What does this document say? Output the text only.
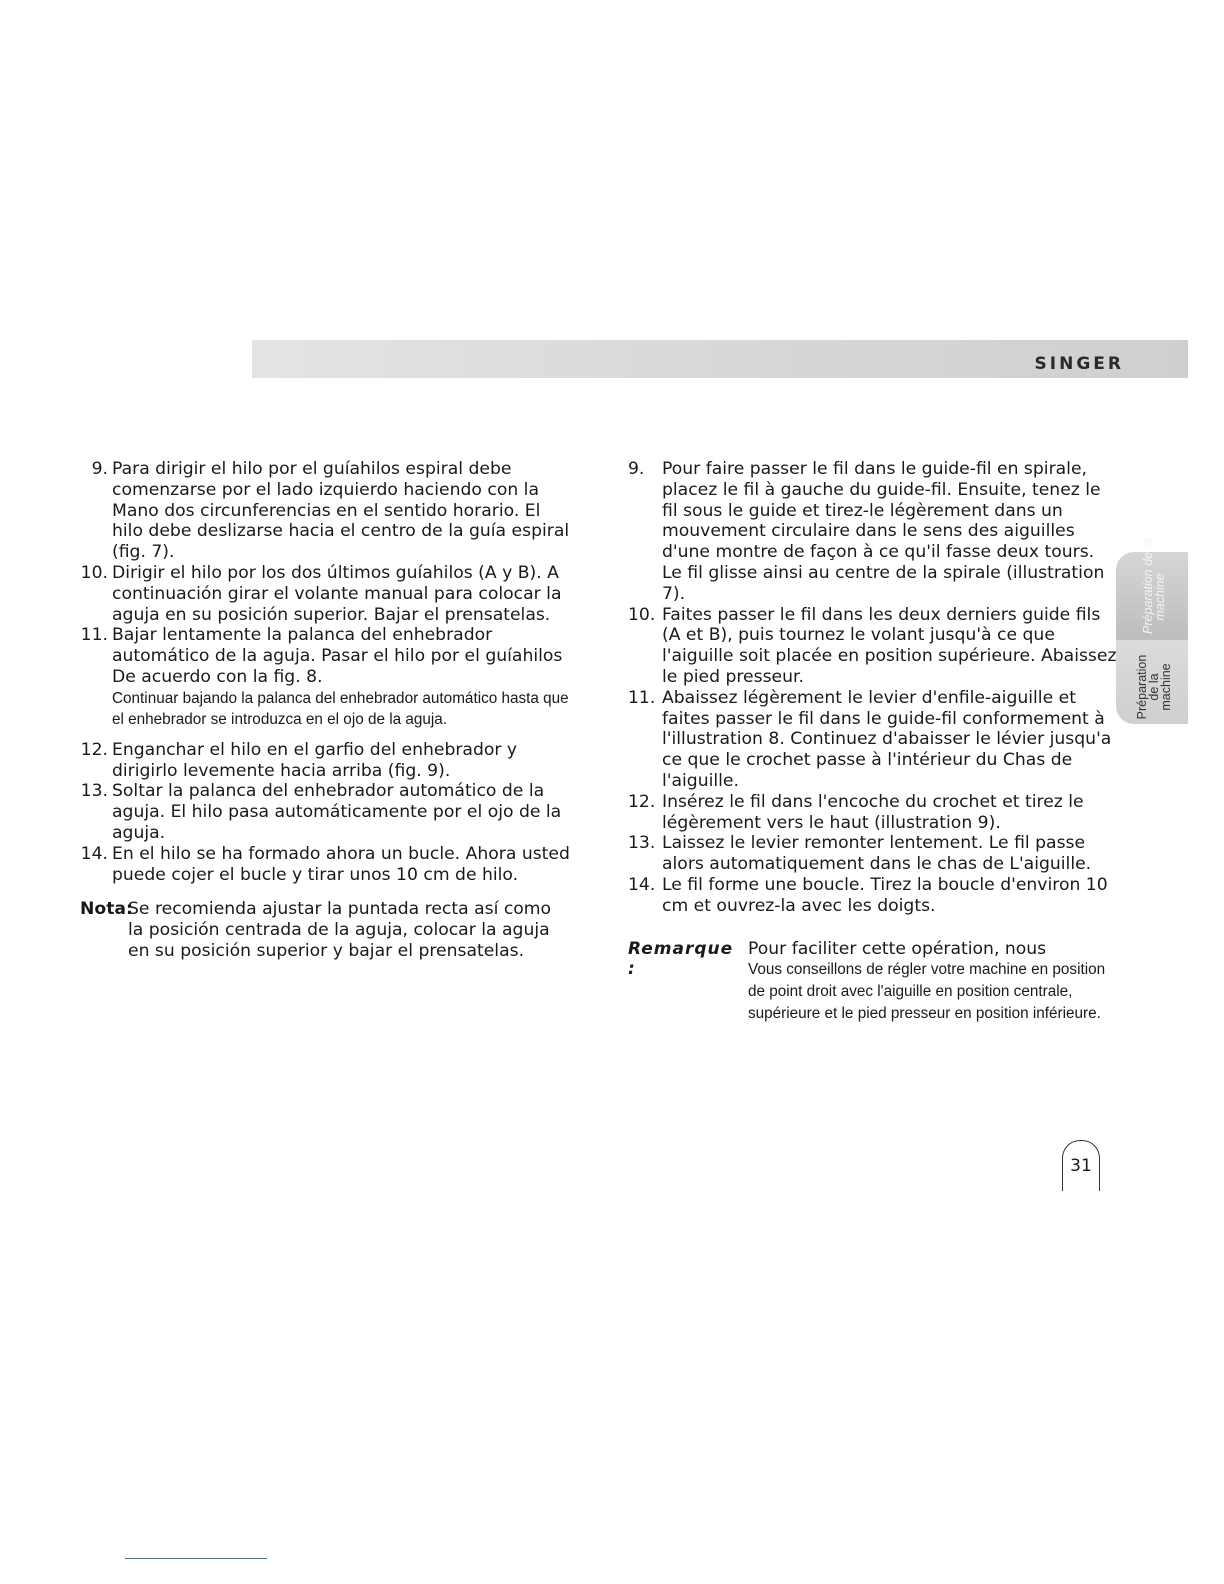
SINGER
9. Para dirigir el hilo por el guíahilos espiral debe comenzarse por el lado izquierdo haciendo con la Mano dos circunferencias en el sentido horario. El hilo debe deslizarse hacia el centro de la guía espiral (fig. 7).
10. Dirigir el hilo por los dos últimos guíahilos (A y B). A continuación girar el volante manual para colocar la aguja en su posición superior. Bajar el prensatelas.
11. Bajar lentamente la palanca del enhebrador automático de la aguja. Pasar el hilo por el guíahilos De acuerdo con la fig. 8.
Continuar bajando la palanca del enhebrador automático hasta que el enhebrador se introduzca en el ojo de la aguja.
12. Enganchar el hilo en el garfio del enhebrador y dirigirlo levemente hacia arriba (fig. 9).
13. Soltar la palanca del enhebrador automático de la aguja. El hilo pasa automáticamente por el ojo de la aguja.
14. En el hilo se ha formado ahora un bucle. Ahora usted puede cojer el bucle y tirar unos 10 cm de hilo.
Nota:
Se recomienda ajustar la puntada recta así como la posición centrada de la aguja, colocar la aguja en su posición superior y bajar el prensatelas.
9.	Pour faire passer le fil dans le guide-fil en spirale, placez le fil à gauche du guide-fil. Ensuite, tenez le fil sous le guide et tirez-le légèrement dans un mouvement circulaire dans le sens des aiguilles d'une montre de façon à ce qu'il fasse deux tours. Le fil glisse ainsi au centre de la spirale (illustration 7).
10. Faites passer le fil dans les deux derniers guide fils (A et B), puis tournez le volant jusqu'à ce que l'aiguille soit placée en position supérieure. Abaissez le pied presseur.
11. Abaissez légèrement le levier d'enfile-aiguille et faites passer le fil dans le guide-fil conformement à l'illustration 8. Continuez d'abaisser le lévier jusqu'a ce que le crochet passe à l'intérieur du Chas de l'aiguille.
12. Insérez le fil dans l'encoche du crochet et tirez le légèrement vers le haut (illustration 9).
13. Laissez le levier remonter lentement. Le fil passe alors automatiquement dans le chas de L'aiguille.
14. Le fil forme une boucle. Tirez la boucle d'environ 10 cm et ouvrez-la avec les doigts.
Remarque :
Pour faciliter cette opération, nous
Vous conseillons de régler votre machine en position de point droit avec l'aiguille en position centrale, supérieure et le pied presseur en position inférieure.
Préparation de la
machine
Préparation
de la
machine
31
